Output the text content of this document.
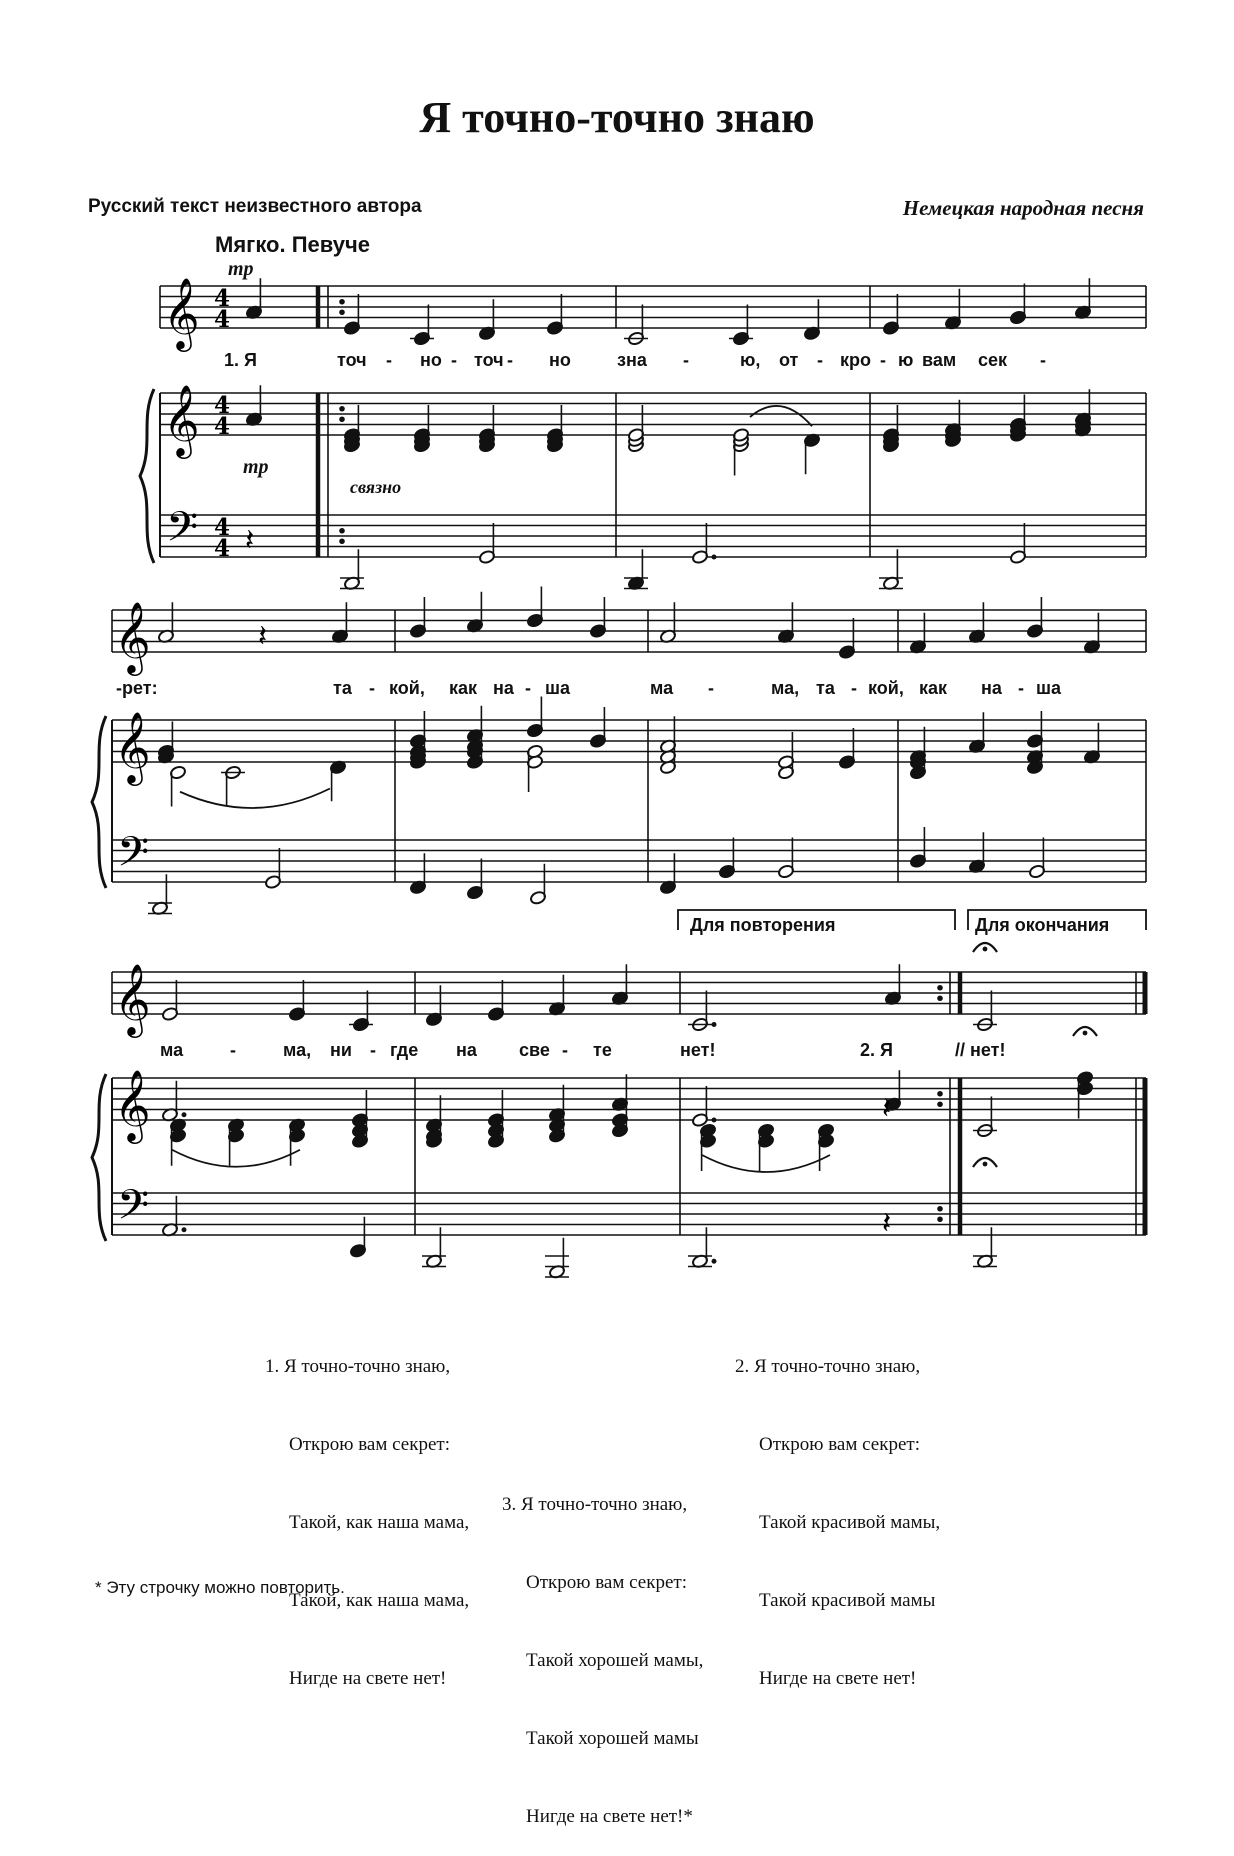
Я точно-точно знаю
Русский текст неизвестного автора	Немецкая народная песня
Мягко. Певуче
mp
mp
связно
𝄞
𝄞
𝄢
4
4
4
4
4
4 𝄽
𝄞
𝄞
𝄢
𝄽
𝄞
𝄞
𝄢
𝄽
𝄽
Для повторения	Для окончания
1. Я	точ - но - точ - но	зна -	ю, от - кро - ю вам сек -
-рет:	та - кой, как на - ша	ма -	ма, та - кой, как на - ша
ма	-	ма, ни - где на све - те	нет!	2. Я	// нет!

1. Я точно-точно знаю,

Открою вам секрет:

Такой, как наша мама,

Такой, как наша мама,

Нигде на свете нет!

2. Я точно-точно знаю,

Открою вам секрет:

Такой красивой мамы,

Такой красивой мамы

Нигде на свете нет!

3. Я точно-точно знаю,

Открою вам секрет:

Такой хорошей мамы,

Такой хорошей мамы

Нигде на свете нет!*

* Эту строчку можно повторить.
